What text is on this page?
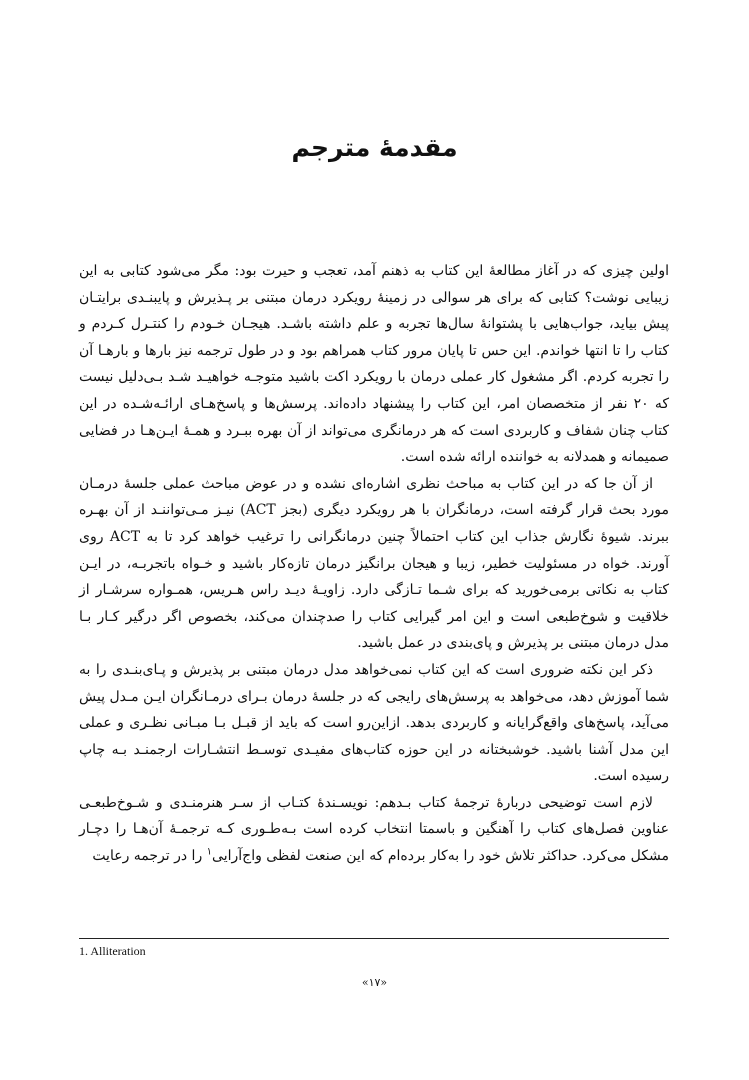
مقدمهٔ مترجم

اولین چیزی که در آغاز مطالعهٔ این کتاب به ذهنم آمد، تعجب و حیرت بود: مگر می‌شود کتابی به این زیبایی نوشت؟ کتابی که برای هر سوالی در زمینهٔ رویکرد درمان مبتنی بر پـذیرش و پایبنـدی برایتـان پیش بیاید، جواب‌هایی با پشتوانهٔ سال‌ها تجربه و علم داشته باشـد. هیجـان خـودم را کنتـرل کـردم و کتاب را تا انتها خواندم. این حس تا پایان مرور کتاب همراهم بود و در طول ترجمه نیز بارها و بارهـا آن را تجربه کردم. اگر مشغول کار عملی درمان با رویکرد اکت باشید متوجـه خواهیـد شـد بـی‌دلیل نیست که ۲۰ نفر از متخصصان امر، این کتاب را پیشنهاد داده‌اند. پرسش‌ها و پاسخ‌هـای ارائـه‌شـده در این کتاب چنان شفاف و کاربردی است که هر درمانگری می‌تواند از آن بهره ببـرد و همـهٔ ایـن‌هـا در فضایی صمیمانه و همدلانه به خواننده ارائه شده است.

از آن جا که در این کتاب به مباحث نظری اشاره‌ای نشده و در عوض مباحث عملی جلسهٔ درمـان مورد بحث قرار گرفته است، درمانگران با هر رویکرد دیگری (بجز ACT) نیـز مـی‌تواننـد از آن بهـره ببرند. شیوهٔ نگارش جذاب این کتاب احتمالاً چنین درمانگرانی را ترغیب خواهد کرد تا به ACT روی آورند. خواه در مسئولیت خطیر، زیبا و هیجان برانگیز درمان تازه‌کار باشید و خـواه باتجربـه، در ایـن کتاب به نکاتی برمی‌خورید که برای شـما تـازگی دارد. زاویـهٔ دیـد راس هـریس، همـواره سرشـار از خلاقیت و شوخ‌طبعی است و این امر گیرایی کتاب را صدچندان می‌کند، بخصوص اگر درگیر کـار بـا مدل درمان مبتنی بر پذیرش و پای‌بندی در عمل باشید.

ذکر این نکته ضروری است که این کتاب نمی‌خواهد مدل درمان مبتنی بر پذیرش و پـای‌بنـدی را به شما آموزش دهد، می‌خواهد به پرسش‌های رایجی که در جلسهٔ درمان بـرای درمـانگران ایـن مـدل پیش می‌آید، پاسخ‌های واقع‌گرایانه و کاربردی بدهد. ازاین‌رو است که باید از قبـل بـا مبـانی نظـری و عملی این مدل آشنا باشید. خوشبختانه در این حوزه کتاب‌های مفیـدی توسـط انتشـارات ارجمنـد بـه چاپ رسیده است.

لازم است توضیحی دربارهٔ ترجمهٔ کتاب بـدهم: نویسـندهٔ کتـاب از سـر هنرمنـدی و شـوخ‌طبعـی عناوین فصل‌های کتاب را آهنگین و باسمتا انتخاب کرده است بـه‌طـوری کـه ترجمـهٔ آن‌هـا را دچـار مشکل می‌کرد. حداکثر تلاش خود را به‌کار برده‌ام که این صنعت لفظی واج‌آرایی$^۱$ را در ترجمه رعایت

1. Alliteration
«۱۷»
